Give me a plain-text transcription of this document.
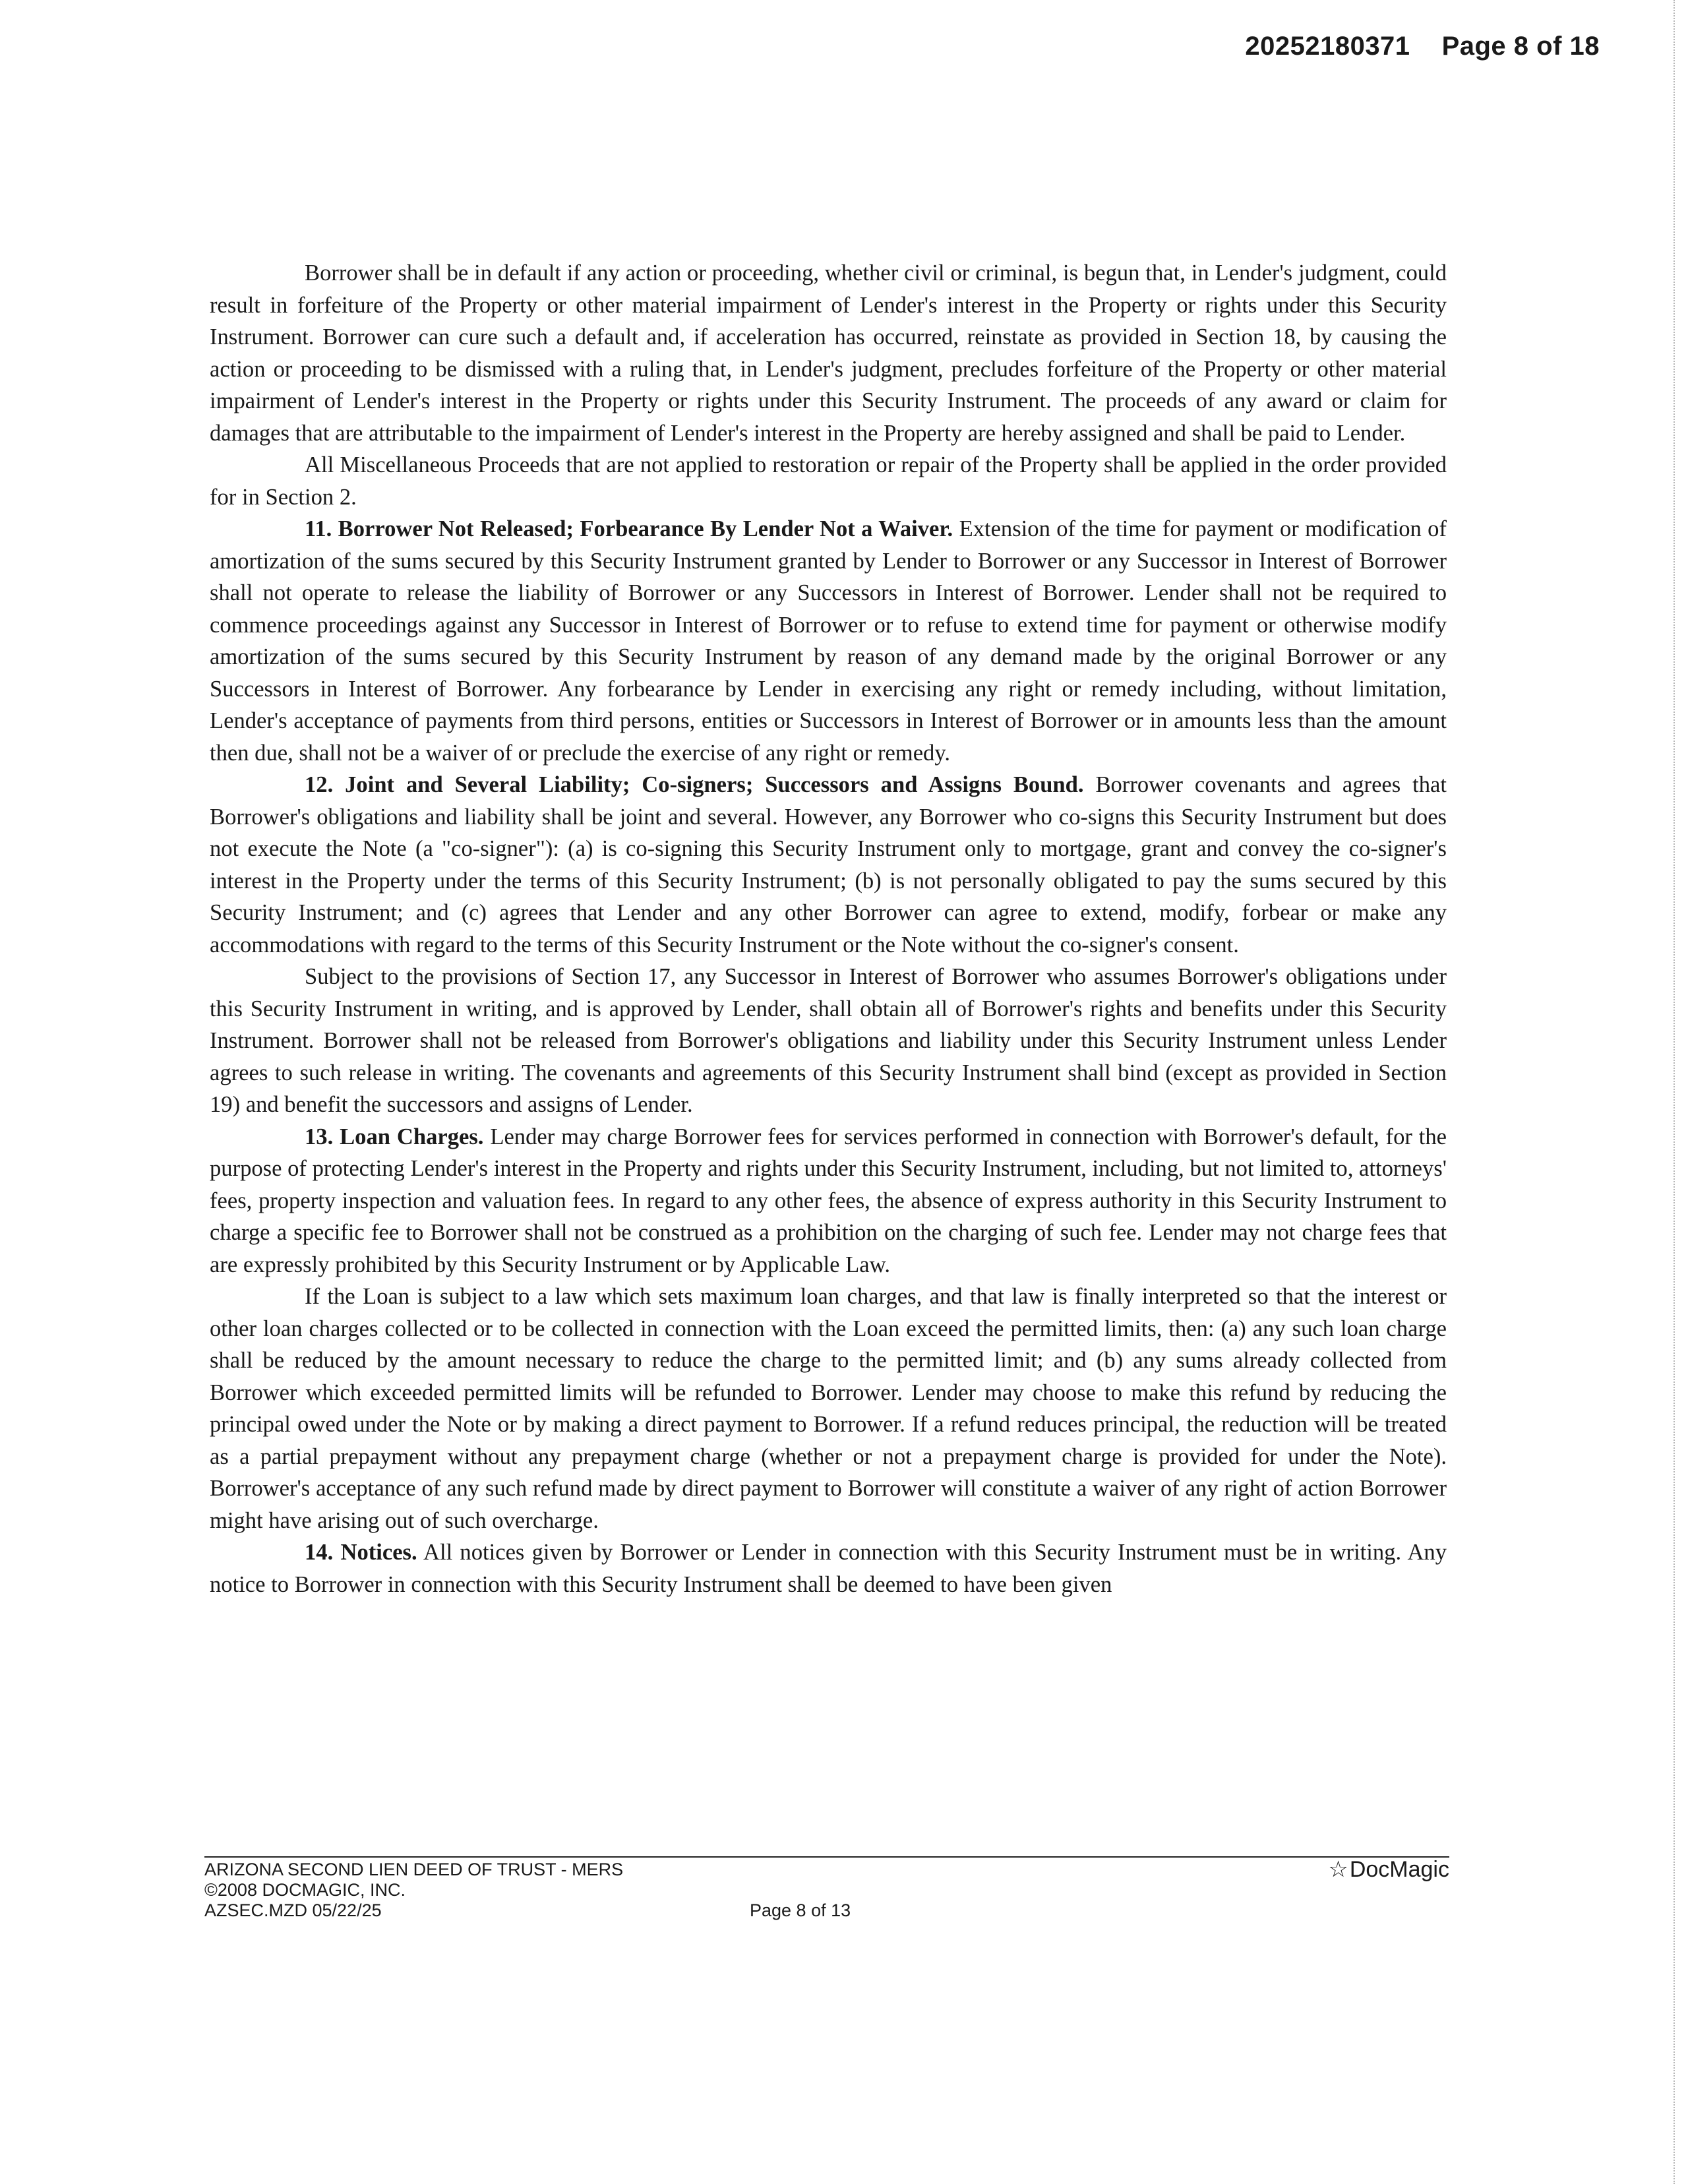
20252180371 Page 8 of 18

Borrower shall be in default if any action or proceeding, whether civil or criminal, is begun that, in Lender's judgment, could result in forfeiture of the Property or other material impairment of Lender's interest in the Property or rights under this Security Instrument. Borrower can cure such a default and, if acceleration has occurred, reinstate as provided in Section 18, by causing the action or proceeding to be dismissed with a ruling that, in Lender's judgment, precludes forfeiture of the Property or other material impairment of Lender's interest in the Property or rights under this Security Instrument. The proceeds of any award or claim for damages that are attributable to the impairment of Lender's interest in the Property are hereby assigned and shall be paid to Lender.

All Miscellaneous Proceeds that are not applied to restoration or repair of the Property shall be applied in the order provided for in Section 2.

11. Borrower Not Released; Forbearance By Lender Not a Waiver. Extension of the time for payment or modification of amortization of the sums secured by this Security Instrument granted by Lender to Borrower or any Successor in Interest of Borrower shall not operate to release the liability of Borrower or any Successors in Interest of Borrower. Lender shall not be required to commence proceedings against any Successor in Interest of Borrower or to refuse to extend time for payment or otherwise modify amortization of the sums secured by this Security Instrument by reason of any demand made by the original Borrower or any Successors in Interest of Borrower. Any forbearance by Lender in exercising any right or remedy including, without limitation, Lender's acceptance of payments from third persons, entities or Successors in Interest of Borrower or in amounts less than the amount then due, shall not be a waiver of or preclude the exercise of any right or remedy.

12. Joint and Several Liability; Co-signers; Successors and Assigns Bound. Borrower covenants and agrees that Borrower's obligations and liability shall be joint and several. However, any Borrower who co-signs this Security Instrument but does not execute the Note (a "co-signer"): (a) is co-signing this Security Instrument only to mortgage, grant and convey the co-signer's interest in the Property under the terms of this Security Instrument; (b) is not personally obligated to pay the sums secured by this Security Instrument; and (c) agrees that Lender and any other Borrower can agree to extend, modify, forbear or make any accommodations with regard to the terms of this Security Instrument or the Note without the co-signer's consent.

Subject to the provisions of Section 17, any Successor in Interest of Borrower who assumes Borrower's obligations under this Security Instrument in writing, and is approved by Lender, shall obtain all of Borrower's rights and benefits under this Security Instrument. Borrower shall not be released from Borrower's obligations and liability under this Security Instrument unless Lender agrees to such release in writing. The covenants and agreements of this Security Instrument shall bind (except as provided in Section 19) and benefit the successors and assigns of Lender.

13. Loan Charges. Lender may charge Borrower fees for services performed in connection with Borrower's default, for the purpose of protecting Lender's interest in the Property and rights under this Security Instrument, including, but not limited to, attorneys' fees, property inspection and valuation fees. In regard to any other fees, the absence of express authority in this Security Instrument to charge a specific fee to Borrower shall not be construed as a prohibition on the charging of such fee. Lender may not charge fees that are expressly prohibited by this Security Instrument or by Applicable Law.

If the Loan is subject to a law which sets maximum loan charges, and that law is finally interpreted so that the interest or other loan charges collected or to be collected in connection with the Loan exceed the permitted limits, then: (a) any such loan charge shall be reduced by the amount necessary to reduce the charge to the permitted limit; and (b) any sums already collected from Borrower which exceeded permitted limits will be refunded to Borrower. Lender may choose to make this refund by reducing the principal owed under the Note or by making a direct payment to Borrower. If a refund reduces principal, the reduction will be treated as a partial prepayment without any prepayment charge (whether or not a prepayment charge is provided for under the Note). Borrower's acceptance of any such refund made by direct payment to Borrower will constitute a waiver of any right of action Borrower might have arising out of such overcharge.

14. Notices. All notices given by Borrower or Lender in connection with this Security Instrument must be in writing. Any notice to Borrower in connection with this Security Instrument shall be deemed to have been given

ARIZONA SECOND LIEN DEED OF TRUST - MERS
©2008 DOCMAGIC, INC.
AZSEC.MZD 05/22/25	Page 8 of 13
☆DocMagic
